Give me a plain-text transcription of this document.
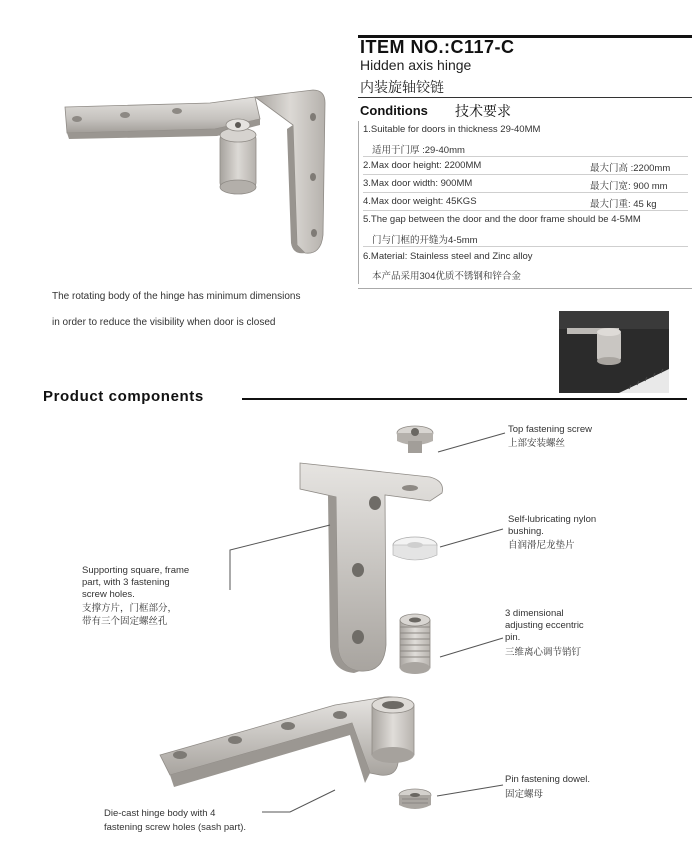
ITEM NO.:C117-C
Hidden axis hinge
内装旋轴铰链
Conditions 技术要求
1.Suitable for doors in thickness 29-40MM
适用于门厚 :29-40mm
2.Max door height: 2200MM	最大门高 :2200mm
3.Max door width: 900MM	最大门宽: 900 mm
4.Max door weight: 45KGS	最大门重: 45 kg
5.The gap between the door and the door frame should be 4-5MM
门与门框的开缝为4-5mm
6.Material: Stainless steel and Zinc alloy
本产品采用304优质不锈钢和锌合金
The rotating body of the hinge has minimum dimensions
in order to reduce the visibility when door is closed
Product components
Top fastening screw
上部安装螺丝
Self-lubricating nylon
bushing.
自润滑尼龙垫片
Supporting square, frame
part, with 3 fastening
screw holes.
支撑方片，门框部分，
带有三个固定螺丝孔
3 dimensional
adjusting eccentric
pin.
三维离心调节销钉
Pin fastening dowel.
固定螺母
Die-cast hinge body with 4
fastening screw holes (sash part).
